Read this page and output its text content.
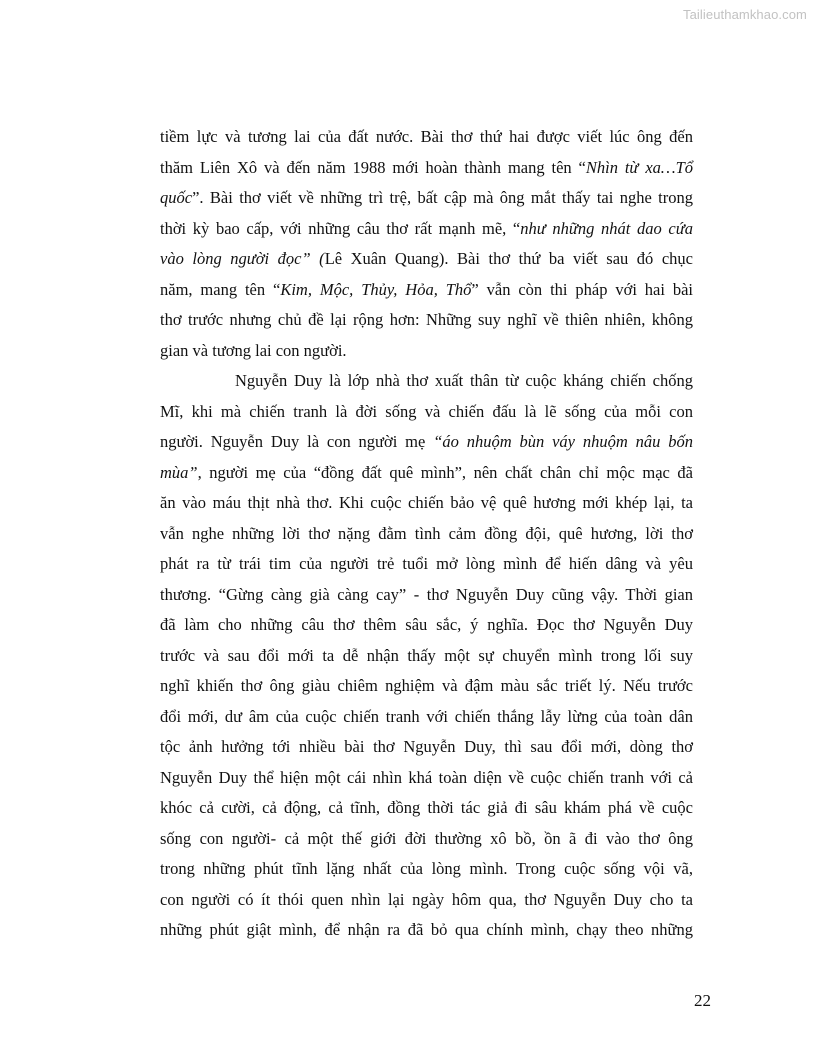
Tailieuthamkhao.com
tiềm lực và tương lai của đất nước. Bài thơ thứ hai được viết lúc ông đến
thăm Liên Xô và đến năm 1988 mới hoàn thành mang tên “Nhìn từ xa…Tổ
quốc”. Bài thơ viết về những trì trệ, bất cập mà ông mắt thấy tai nghe trong
thời kỳ bao cấp, với những câu thơ rất mạnh mẽ, “như những nhát dao cứa
vào lòng người đọc” (Lê Xuân Quang). Bài thơ thứ ba viết sau đó chục
năm, mang tên “Kim, Mộc, Thủy, Hỏa, Thổ” vẫn còn thi pháp với hai bài
thơ trước nhưng chủ đề lại rộng hơn: Những suy nghĩ về thiên nhiên, không
gian và tương lai con người.
Nguyễn Duy là lớp nhà thơ xuất thân từ cuộc kháng chiến chống
Mĩ, khi mà chiến tranh là đời sống và chiến đấu là lẽ sống của mỗi con
người. Nguyễn Duy là con người mẹ “áo nhuộm bùn váy nhuộm nâu bốn
mùa”, người mẹ của “đồng đất quê mình”, nên chất chân chỉ mộc mạc đã
ăn vào máu thịt nhà thơ. Khi cuộc chiến bảo vệ quê hương mới khép lại, ta
vẫn nghe những lời thơ nặng đằm tình cảm đồng đội, quê hương, lời thơ
phát ra từ trái tim của người trẻ tuổi mở lòng mình để hiến dâng và yêu
thương. “Gừng càng già càng cay” - thơ Nguyễn Duy cũng vậy. Thời gian
đã làm cho những câu thơ thêm sâu sắc, ý nghĩa. Đọc thơ Nguyễn Duy
trước và sau đổi mới ta dễ nhận thấy một sự chuyển mình trong lối suy
nghĩ khiến thơ ông giàu chiêm nghiệm và đậm màu sắc triết lý. Nếu trước
đổi mới, dư âm của cuộc chiến tranh với chiến thắng lẫy lừng của toàn dân
tộc ảnh hưởng tới nhiều bài thơ Nguyễn Duy, thì sau đổi mới, dòng thơ
Nguyễn Duy thể hiện một cái nhìn khá toàn diện về cuộc chiến tranh với cả
khóc cả cười, cả động, cả tĩnh, đồng thời tác giả đi sâu khám phá về cuộc
sống con người- cả một thế giới đời thường xô bồ, ồn ã đi vào thơ ông
trong những phút tĩnh lặng nhất của lòng mình. Trong cuộc sống vội vã,
con người có ít thói quen nhìn lại ngày hôm qua, thơ Nguyễn Duy cho ta
những phút giật mình, để nhận ra đã bỏ qua chính mình, chạy theo những
22
